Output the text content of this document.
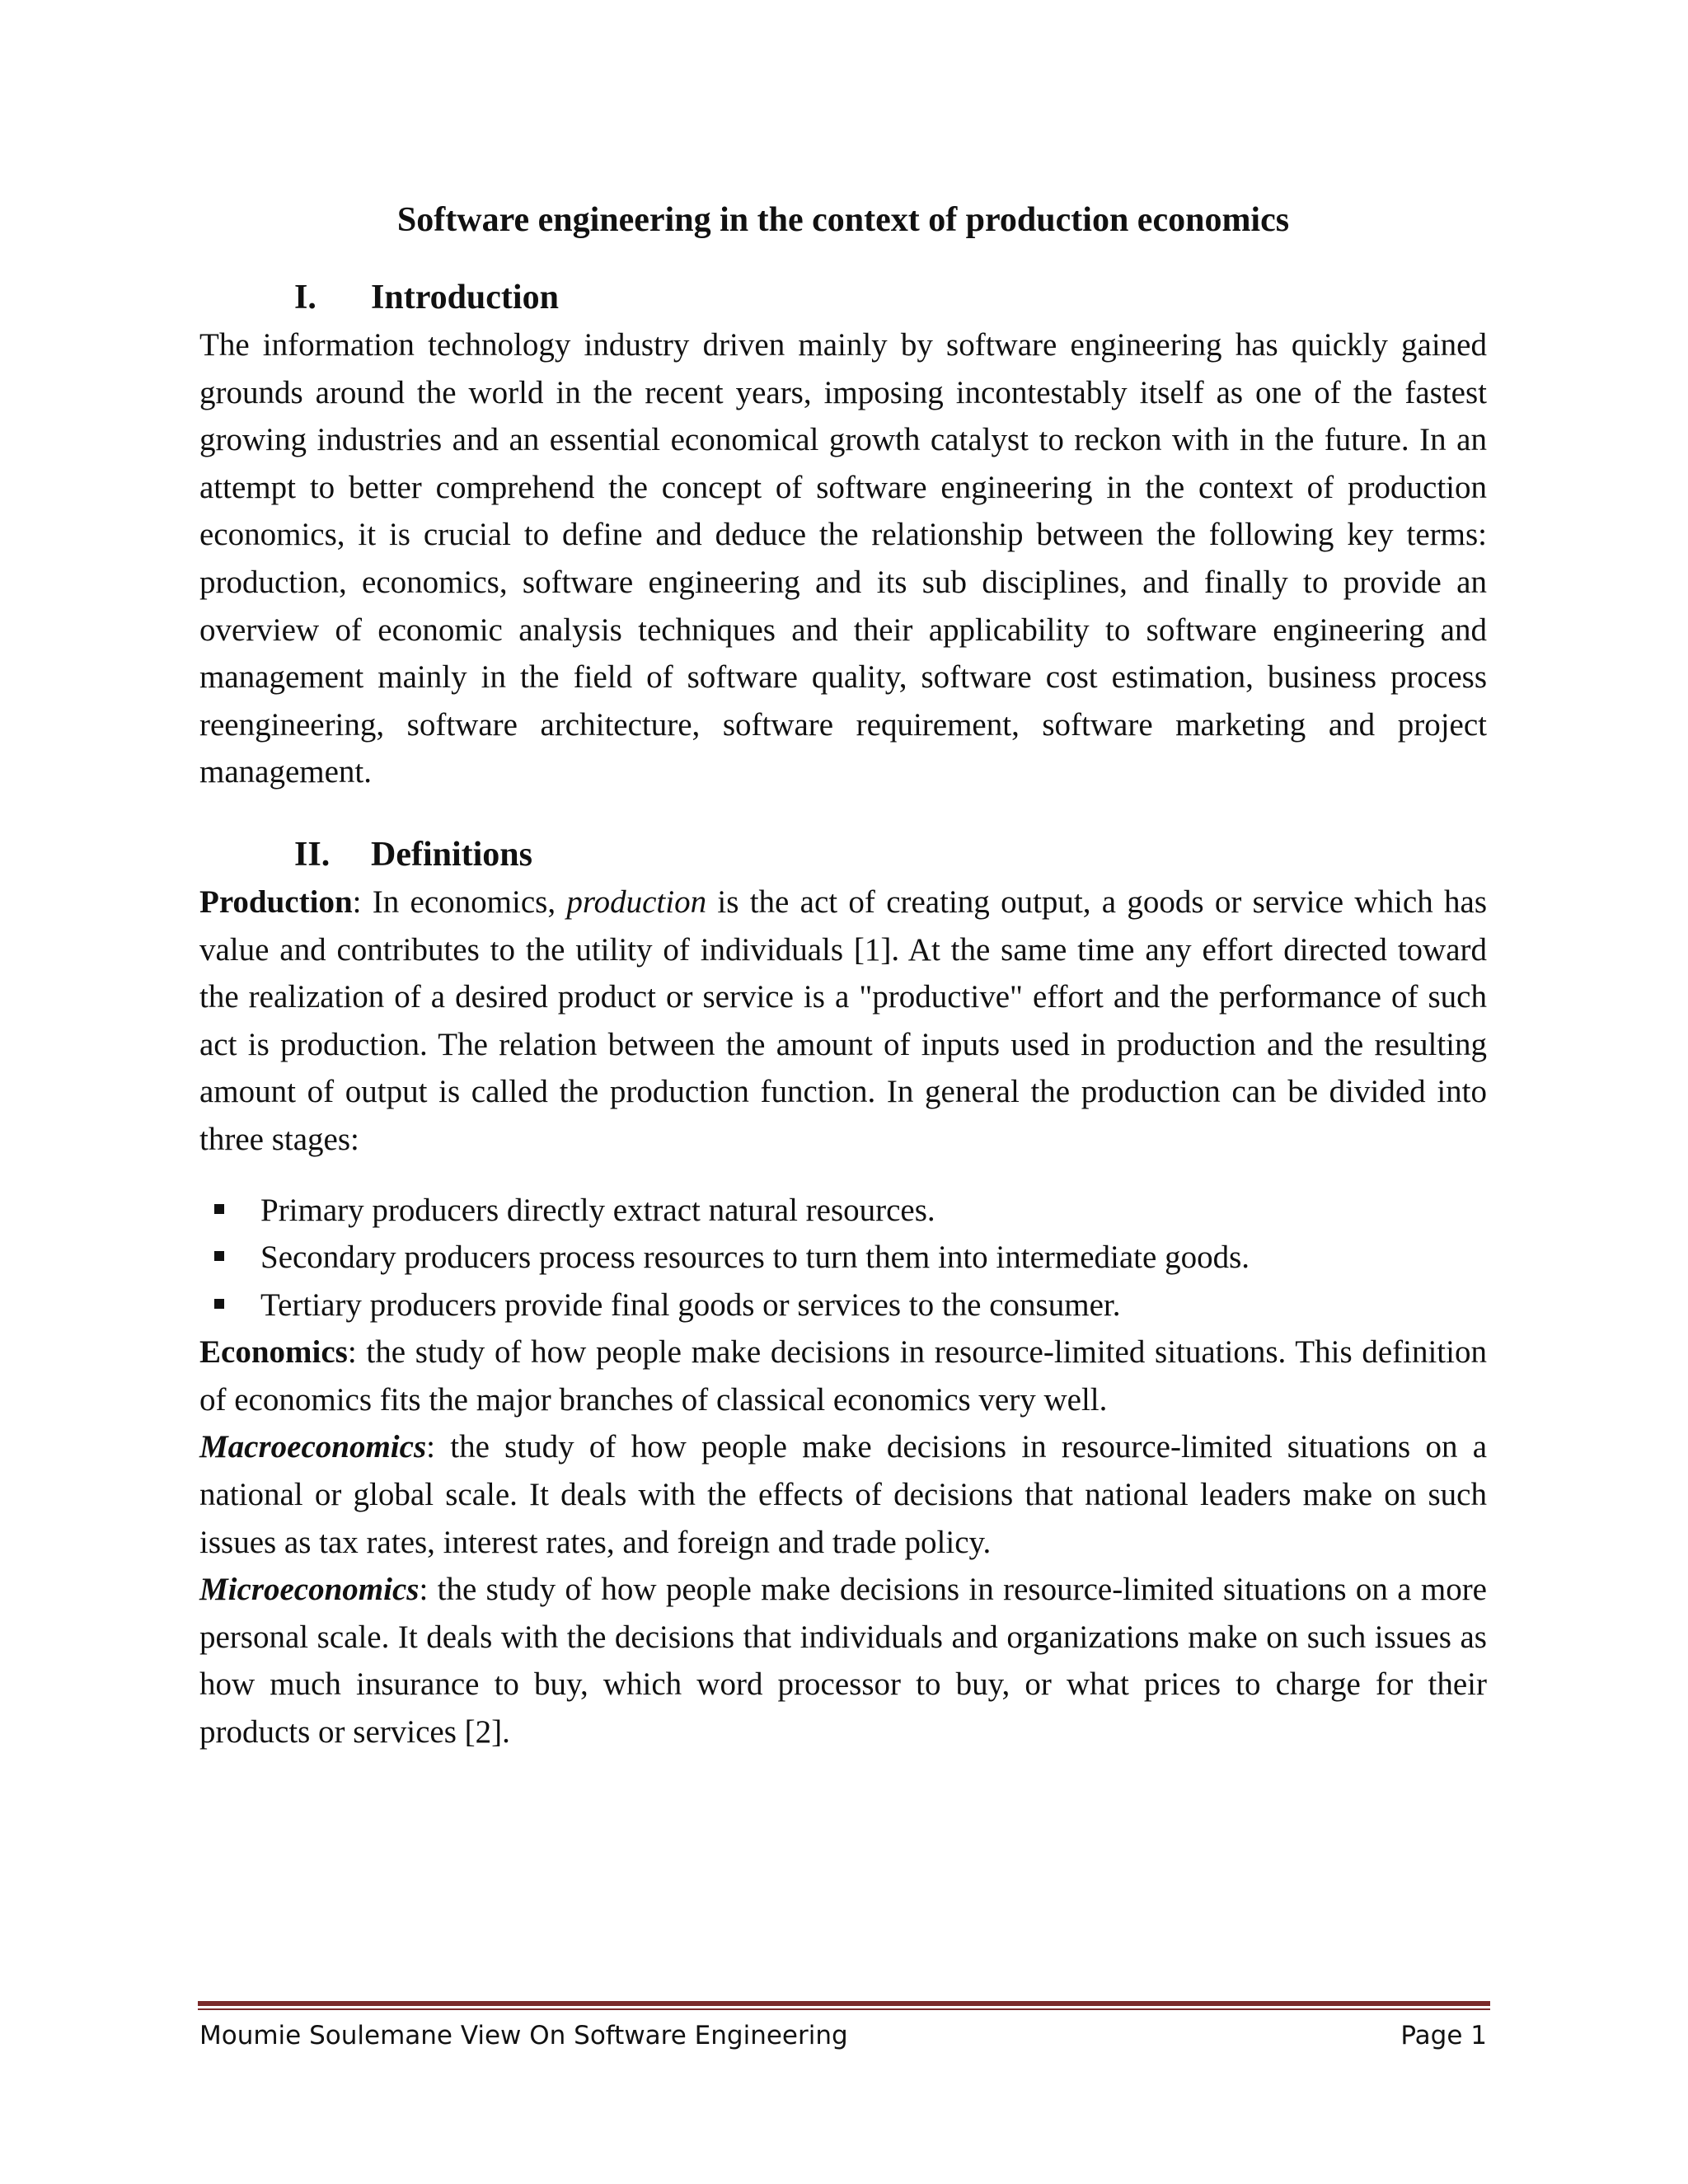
Software engineering in the context of production economics
I.	Introduction

The information technology industry driven mainly by software engineering has quickly gained grounds around the world in the recent years, imposing incontestably itself as one of the fastest growing industries and an essential economical growth catalyst to reckon with in the future. In an attempt to better comprehend the concept of software engineering in the context of production economics, it is crucial to define and deduce the relationship between the following key terms: production, economics, software engineering and its sub disciplines, and finally to provide an overview of economic analysis techniques and their applicability to software engineering and management mainly in the field of software quality, software cost estimation, business process reengineering, software architecture, software requirement, software marketing and project management.

II.	Definitions

Production: In economics, production is the act of creating output, a goods or service which has value and contributes to the utility of individuals [1]. At the same time any effort directed toward the realization of a desired product or service is a "productive" effort and the performance of such act is production. The relation between the amount of inputs used in production and the resulting amount of output is called the production function. In general the production can be divided into three stages:

Primary producers directly extract natural resources.
Secondary producers process resources to turn them into intermediate goods.
Tertiary producers provide final goods or services to the consumer.

Economics: the study of how people make decisions in resource-limited situations. This definition of economics fits the major branches of classical economics very well.

Macroeconomics: the study of how people make decisions in resource-limited situations on a national or global scale. It deals with the effects of decisions that national leaders make on such issues as tax rates, interest rates, and foreign and trade policy.

Microeconomics: the study of how people make decisions in resource-limited situations on a more personal scale. It deals with the decisions that individuals and organizations make on such issues as how much insurance to buy, which word processor to buy, or what prices to charge for their products or services [2].

Moumie Soulemane View On Software Engineering	Page 1
